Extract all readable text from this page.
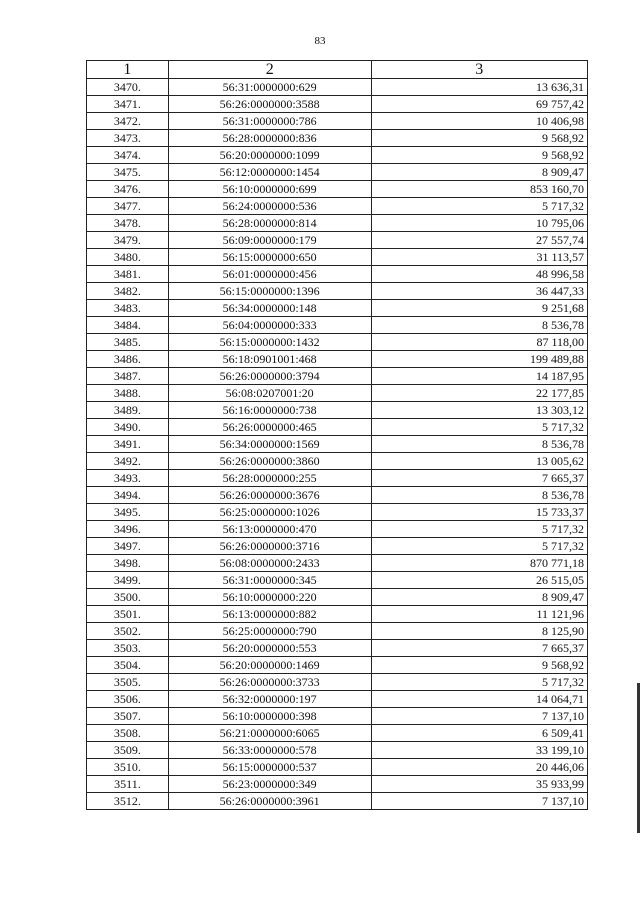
83
1	2	3
3470.	56:31:0000000:629	13 636,31
3471.	56:26:0000000:3588	69 757,42
3472.	56:31:0000000:786	10 406,98
3473.	56:28:0000000:836	9 568,92
3474.	56:20:0000000:1099	9 568,92
3475.	56:12:0000000:1454	8 909,47
3476.	56:10:0000000:699	853 160,70
3477.	56:24:0000000:536	5 717,32
3478.	56:28:0000000:814	10 795,06
3479.	56:09:0000000:179	27 557,74
3480.	56:15:0000000:650	31 113,57
3481.	56:01:0000000:456	48 996,58
3482.	56:15:0000000:1396	36 447,33
3483.	56:34:0000000:148	9 251,68
3484.	56:04:0000000:333	8 536,78
3485.	56:15:0000000:1432	87 118,00
3486.	56:18:0901001:468	199 489,88
3487.	56:26:0000000:3794	14 187,95
3488.	56:08:0207001:20	22 177,85
3489.	56:16:0000000:738	13 303,12
3490.	56:26:0000000:465	5 717,32
3491.	56:34:0000000:1569	8 536,78
3492.	56:26:0000000:3860	13 005,62
3493.	56:28:0000000:255	7 665,37
3494.	56:26:0000000:3676	8 536,78
3495.	56:25:0000000:1026	15 733,37
3496.	56:13:0000000:470	5 717,32
3497.	56:26:0000000:3716	5 717,32
3498.	56:08:0000000:2433	870 771,18
3499.	56:31:0000000:345	26 515,05
3500.	56:10:0000000:220	8 909,47
3501.	56:13:0000000:882	11 121,96
3502.	56:25:0000000:790	8 125,90
3503.	56:20:0000000:553	7 665,37
3504.	56:20:0000000:1469	9 568,92
3505.	56:26:0000000:3733	5 717,32
3506.	56:32:0000000:197	14 064,71
3507.	56:10:0000000:398	7 137,10
3508.	56:21:0000000:6065	6 509,41
3509.	56:33:0000000:578	33 199,10
3510.	56:15:0000000:537	20 446,06
3511.	56:23:0000000:349	35 933,99
3512.	56:26:0000000:3961	7 137,10
